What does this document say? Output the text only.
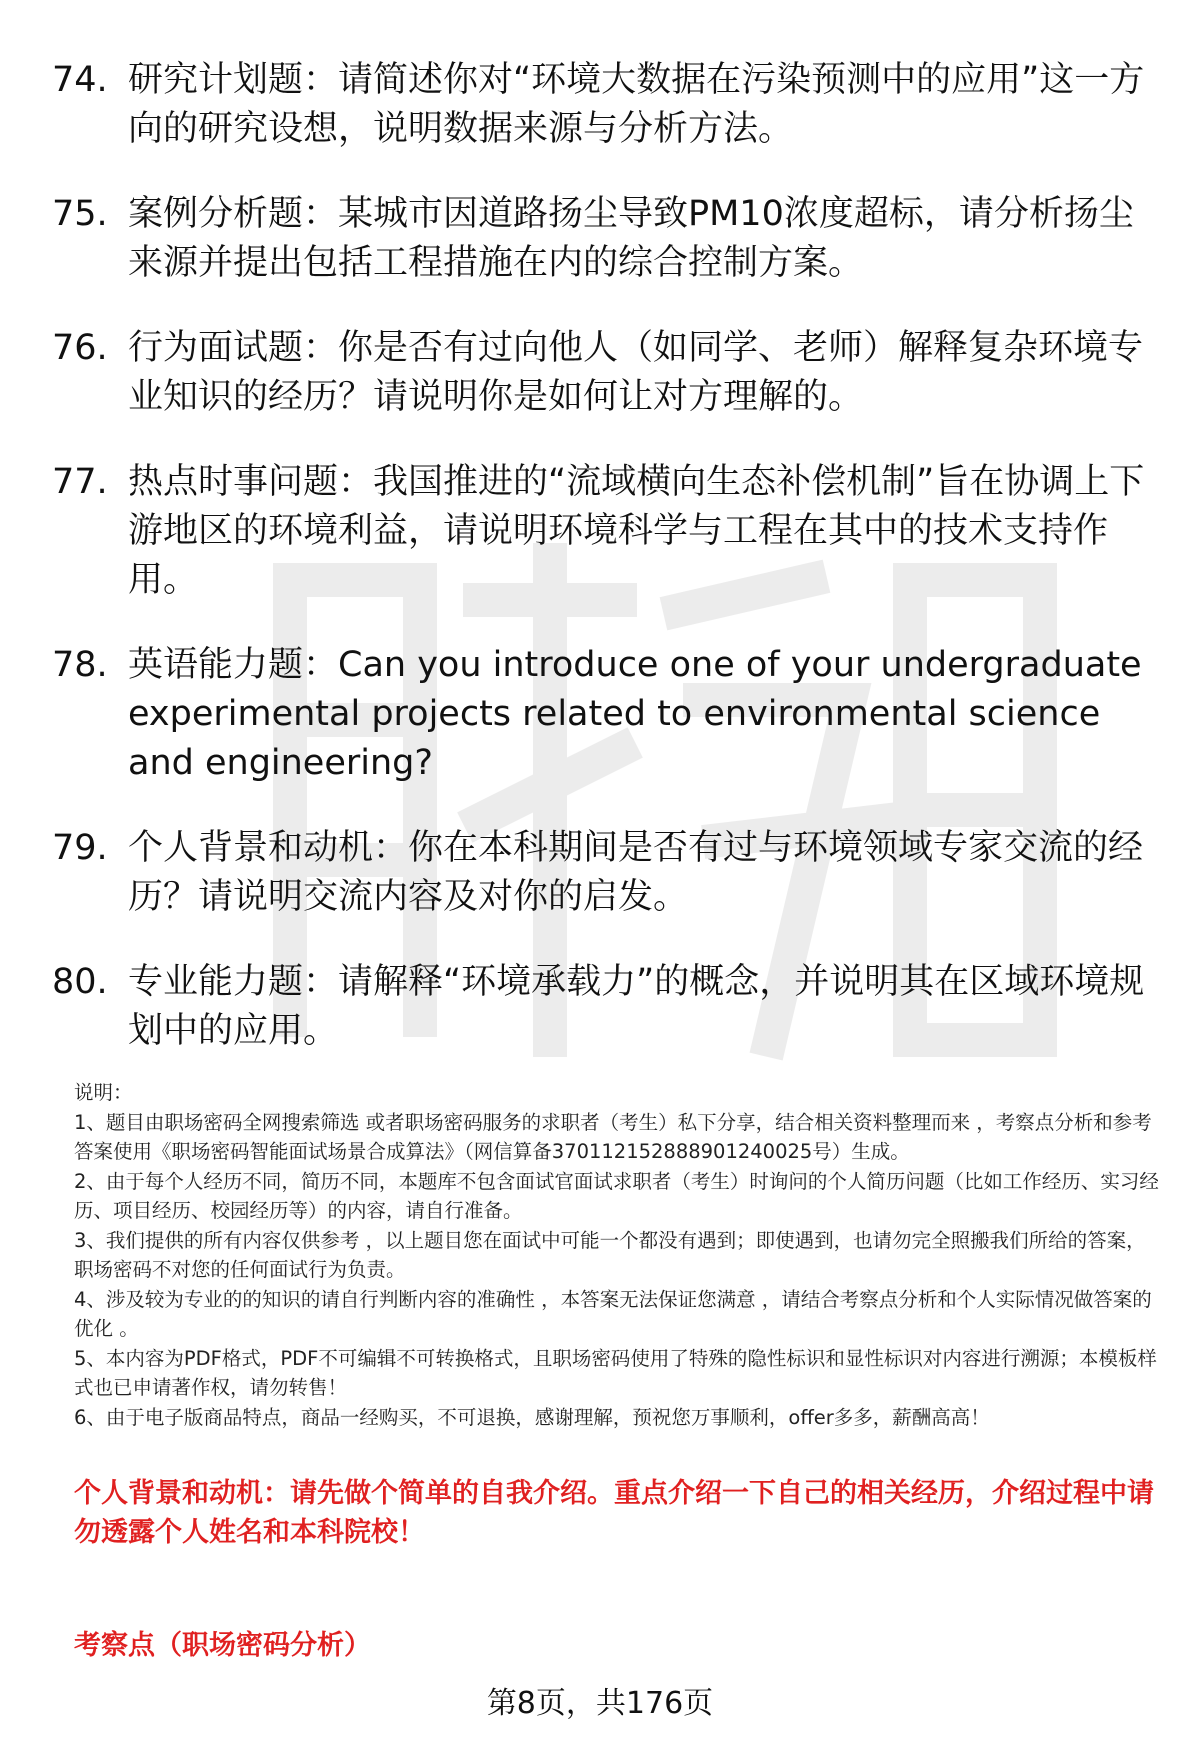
74. 研究计划题：请简述你对“环境大数据在污染预测中的应用”这一方向的研究设想，说明数据来源与分析方法。
75. 案例分析题：某城市因道路扬尘导致PM10浓度超标，请分析扬尘来源并提出包括工程措施在内的综合控制方案。
76. 行为面试题：你是否有过向他人（如同学、老师）解释复杂环境专业知识的经历？请说明你是如何让对方理解的。
77. 热点时事问题：我国推进的“流域横向生态补偿机制”旨在协调上下游地区的环境利益，请说明环境科学与工程在其中的技术支持作用。
78. 英语能力题：Can you introduce one of your undergraduate experimental projects related to environmental science and engineering?
79. 个人背景和动机：你在本科期间是否有过与环境领域专家交流的经历？请说明交流内容及对你的启发。
80. 专业能力题：请解释“环境承载力”的概念，并说明其在区域环境规划中的应用。

说明：

1、题目由职场密码全网搜索筛选 或者职场密码服务的求职者（考生）私下分享，结合相关资料整理而来 ，考察点分析和参考答案使用《职场密码智能面试场景合成算法》（网信算备370112152888901240025号）生成。

2、由于每个人经历不同，简历不同，本题库不包含面试官面试求职者（考生）时询问的个人简历问题（比如工作经历、实习经历、项目经历、校园经历等）的内容，请自行准备。

3、我们提供的所有内容仅供参考 ，以上题目您在面试中可能一个都没有遇到；即使遇到，也请勿完全照搬我们所给的答案，职场密码不对您的任何面试行为负责。

4、涉及较为专业的的知识的请自行判断内容的准确性 ，本答案无法保证您满意 ，请结合考察点分析和个人实际情况做答案的优化 。

5、本内容为PDF格式，PDF不可编辑不可转换格式，且职场密码使用了特殊的隐性标识和显性标识对内容进行溯源；本模板样式也已申请著作权，请勿转售！

6、由于电子版商品特点，商品一经购买，不可退换，感谢理解，预祝您万事顺利，offer多多，薪酬高高！

个人背景和动机：请先做个简单的自我介绍。重点介绍一下自己的相关经历，介绍过程中请勿透露个人姓名和本科院校！

考察点（职场密码分析）

第8页，共176页
